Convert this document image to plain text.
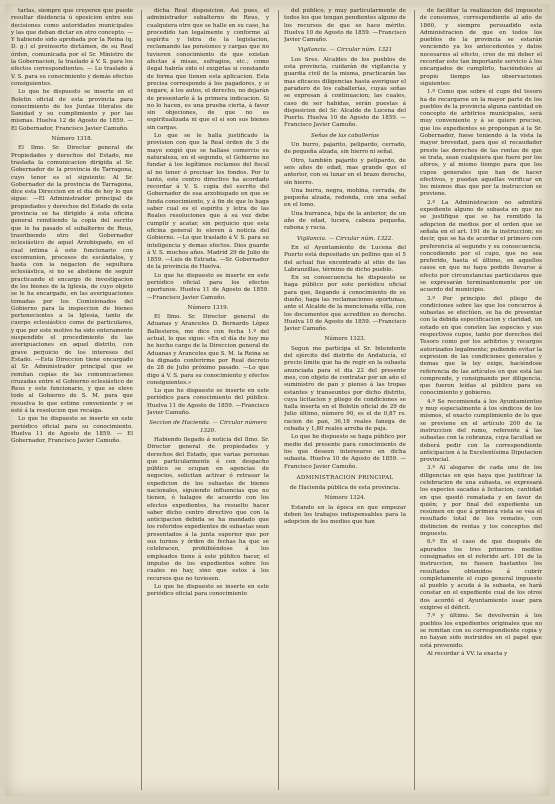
tarlas, siempre que creyeren que puede resultar disidencia ú oposicion entre sus decisiones como autoridades municipales y las que deban dictar en otro concepto. — Y habiendo sido aprobada por la Reina (q. D. g.) el preinserto dictámen, de su Real órden, comunicada por el Sr. Ministro de la Gobernacion, la traslado á V. S. para los efectos correspondientes. — Lo traslado á V. S. para su conocimiento y demás efectos consiguientes.

Lo que he dispuesto se inserte en el Boletin oficial de esta provincia para conocimiento de los Juntas literales de Sanidad y su cumplimiento y por las mismas. Huelva 12 de Agosto de 1859. — El Gobernador, Francisco Javier Camuño.

Número 1318.

El Ilmo. Sr. Director general de Propiedades y derechos del Estado, me traslada la comunicacion dirigida al Sr. Gobernador de la provincia de Tarragona, cuyo tenor es el siguiente: Al Sr. Gobernador de la provincia de Tarragona, dice esta Direccion en el dia de hoy lo que sigue: —El Administrador principal de propiedades y derechos del Estado de esta provincia se ha dirigido á esta oficina general remitiendo la copia del escrito que le ha pasado el subalterno de Reus, trasribiendo otro del Gobernador eclesiástico de aquel Arzobispado, en el cual intima á este funcionario con excomunion, procesos de escándalos, y hasta con la negacion de sepultura eclesiástica, si no se abstiene de seguir practicando el encargo de investigacion de los bienes de la Iglesia, de cuyo objeto se le ha encargado, en las averiguaciones tomadas por los Comisionados del Gobierno para la inspeccion de bienes pertenecientes a la Iglesia, tanto de cuerpo eclesiástico como de particulares, y que por este motivo ha sido enteramente suspendido el procedimiento de las averiguaciones en aquel distrito, con grave perjuicio de los intereses del Estado. —Esta Direccion tiene encargado al Sr. Administrador principal que se remitan copias de las comunicaciones cruzadas entre el Gobierno eclesiástico de Reus y este funcionario, y que se eleve todo al Gobierno de S. M. para que resuelva lo que estime conveniente y se esté á la resolucion que recaiga.

Lo que he dispuesto se inserte en este periódico oficial para su conocimiento. Huelva 11 de Agosto de 1859. — El Gobernador, Francisco Javier Camuño.

dicha Real disposicion. Asi pues, el administrador subalterno de Reus, y cualquiera otro que se halle en su caso, ha procedido tan legalmente y conforme al espíritu y letra de la legislacion, reclamando las pensiones y cargas que no tuvieren conocimiento de que existan afectas á misas, sufragios, etc.; como ilegal habría sido el exigirlas si constando de forma que tienen esta aplicacion. Esta precisa correspondo á los pagadores, y si negare, á los autos, el derecho, no dejarán de presentarlo á la primera indicacion. Si no lo hacen, es una prueba cierta, á favor sin objeciones, de que no es espiritualizada ni que el sí son sus bienes sin cargas.

Lo que se le halla justificado la provision con que la Real órden de 3 de mayo exigió que se hallase comercio su naturaleza, en el segundo, el Gobierno no fundar á los legítimos reclamos del fiscal al no tener ó precisar los fondos. Por lo tanto, este centro directivo ha acordado recordar á V. S. copia del escrito del Gobernador de esa arzobispado en que se funda conocimiento, y á fin de que lo haga saber cual es el espíritu y letra de las Reales resoluciones que á su vez debe cumplir y acatar, sin perjuicio que esta oficina general lo eleven á noticia del Gobierno. —Lo que traslado á V. S. para su inteligencia y demas efectos. Dios guarde á V. S. muchos años. Madrid 29 de Julio de 1859. —Luis de Estrada. —Sr. Gobernador de la provincia de Huelva.

Lo que he dispuesto se inserte en este periódico oficial para los efectos oportunos. Huelva 11 de Agosto de 1859. —Francisco Javier Camuño.

Número 1319.

El Ilmo. Sr. Director general de Aduanas y Aranceles D. Bernardo López Ballesteros, me dice con fecha 1.º del actual, lo que sigue: «En el día de hoy me he hecho cargo de la Direccion general de Aduanas y Aranceles que S. M. la Reina se ha dignado conferirme por Real decreto de 28 de Julio próximo pasado. —Lo que digo á V. S. para su conocimiento y efectos consiguientes.»

Lo que he dispuesto se inserte en este periódico para conocimiento del público. Huelva 11 de Agosto de 1859. —Francisco Javier Camuño.

Seccion de Hacienda. — Circular número 1320.

Habiendo llegado á noticia del Ilmo. Sr. Director general de propiedades y derechos del Estado, que varias personas que particularmente ó con despacho público se ocupan en agencias de negocios, solicitan activar ó retrasar la expedicion de los subastas de bienes nacionales, siguiendo influencias que no tienen, ó halagos de acuerdo con los efectos expedientes, ha resuelto hacer saber dicho centro directivo que con la anticipacion debida se ha mandado que los referidos expedientes de subastas sean presentados á la junta superior que por sus turnos y órden de fechas ha que se celebracen, prohibiéndose á los empleados tiene á este público hacer, el impulso de los expedientes sobre los cuales no hay, sino que estos á los recursos que no tuviesen.

Lo que he dispuesto se inserte en este periódico oficial para conocimiento

del público, y muy particularmente de todos los que tengan pendientes alguno de los recursos de que se hace mérito. Huelva 10 de Agosto de 1859. —Francisco Javier Camuño.

Vigilancia. — Circular núm. 1321

Los Sres. Alcaldes de los pueblos de esta provincia, cuidarán de vigilancia y guardia civil de la misma, practicarán las mas eficaces diligencias hasta averiguar el paradero de los caballerías, cuyas señas se expresan á continuacion; las cuales, caso de ser habidas, serán puestas á disposicion del Sr. Alcalde de Lucena del Puerto. Huelva 10 de Agosto de 1859. —Francisco Javier Camuño.

Señas de las caballerías

Un burro, pajarito, pelipardo, cerrado, de pequeña alzada, sin hierro ni señal.

Otro, también pajarito y pelipardo, de seis años de edad, mas grande que el anterior, con su lunar en el brazo derecho, sin hierro.

Una burra, negra, mohina, cerrada, de pequeña alzada, redonda, con una señal en el lomo.

Una burranca, hija de la anterior, de un año de edad, lucera, cabeza pequeña, rabona y rucia.

Vigilancia. — Circular núm. 1322.

En el Ayuntamiento de Lucena del Puerto está depositado un pollino que el 5 del actual fue encontrado al sitio de las Labranzillas, término de dicho pueblo.

En su consecuencia he dispuesto se haga público por este periódico oficial para que, llegando á conocimiento de su dueño, haga las reclamaciones oportunas, ante el Alcalde de la mencionada villa, con los documentos que acrediten su derecho. Huelva 10 de Agosto de 1859. —Francisco Javier Camuño.

Número 1323.

Segun me participa el Sr. Intendente del ejército del distrito de Andalucía, el precio límite que ha de regir en la subasta anunciada para el dia 22 del presente mes, con objeto de contratar por un año el suministro de pan y pienso á las tropas estantes y transeuntes por dicho distrito, cuya licitacion y pliego de condiciones se halla inserta en el Boletin oficial de 29 de Julio último, número 90, es el de 0,87 rs. racion de pan, 36,18 reales fanega de cebada y 1,80 reales arroba de paja.

Lo que he dispuesto se haga público por medio del presente para conocimiento de los que deseen interesarse en dicha subasta. Huelva 10 de Agosto de 1859. —Francisco Javier Camuño.

ADMINISTRACION PRINCIPAL

de Hacienda pública de esta provincia.

Número 1324.

Estando en la época en que empezar deben los trabajos indispensables para la adopcion de los medios que han

de facilitar la realizacion del impuesto de consumos, correspondiente al año de 1860, y siempre persuadido esta Administracion de que en todos los pueblos de la provincia se estarán venciendo ya los antecedentes y datos necesarios al efecto, creo de mi deber el recordar este tan importante servicio á los encargados de cumplirlo, haciéndoles al propio tiempo las observaciones siguientes:

1.º Como que sobre el cupo del tesoro ha de recargarse en la mayor parte de los pueblos de la provincia alguna cantidad en concepto de arbitrios municipales, será muy conveniente y á se quiere preciso, que los expedientes se propongan á la Sr. Gobernador, fuese teniendo á la vista la mayor brevedad, para que el recaudador preste las derechos de las rentas de que se trata, sean cualquiera que fuere por los aforos, y al mismo tiempo para que los cupos generales que han de hacer efectivos, y puedan aquellas verificar en los mismos dias que por la instruccion se previene.

2.º La Administracion no admitirá expediente alguno de subasta en que no se justifique que se ha remitido la adopcion de medios por el orden que se señala en el art. 191 de la instruccion; es decir, que se ha de acordar el primero con preferencia al segundo y su consecuencia, concediendo por el cupo, que no sea preferido, hasta el último, en aquellos casos en que no haya podido llevarse á efecto por circunstancias particulares que se expresarán terminantemente por un acuerdo del municipio.

3.º Por principio del pliego de condiciones sobre las que los concurros á subastas se efectúen, se ha de presentar con la debida especificacion y claridad, un estado en que consten las especies y sus respectivos cupos, tanto por derechos del Tesoro como por los arbitrios y recargos autorizados legalmente; pudiendo evitar la expresion de las condiciones generales y demas que la ley exige, haciéndose referencia de las artículos en que está las comprende, y consignando por diligencia, que fueron leídas al público para su conocimiento y gobierno.

4.º Se recomienda á los Ayuntamientos y muy especialmente á los síndicos de los mismos, el exacto cumplimiento de lo que se previene en el artículo 200 de la instruccion del ramo, referente á las subastas con la cobranza, cuya facultad se deberá pedir con la correspondiente anticipacion á la Excelentísima Diputacion provincial.

3.º Al alegarse de cada uno de los diligencias en que haya que justificar la celebracion de una subasta, se expresará los especies sacadas á licitacion, cantidad en que quedó rematada y en favor de quién; y por final del expediente un resúmen en que á primera vista se vea el resultado total de los remates, con distincion de rentas y los conceptos del impuesto.

6.º En el caso de que después de apurados los tres primeros medios consignados en el referido art. 191 de la instruccion, no fuesen bastantes los resultados obtenidos á cubrir completamente el cupo general impuesto al pueblo y acuda á la subasta, se hará constar en el expediente cual de los otros dos acordó el Ayuntamiento usar para exigirse el déficit.

7.º y último. Se devolverán á los pueblos los expedientes originales que no se remitan con su correspondiente copia y no hayan sido instruidos en el papel que está prevenido.

Al recordar á VV. la exacta y
